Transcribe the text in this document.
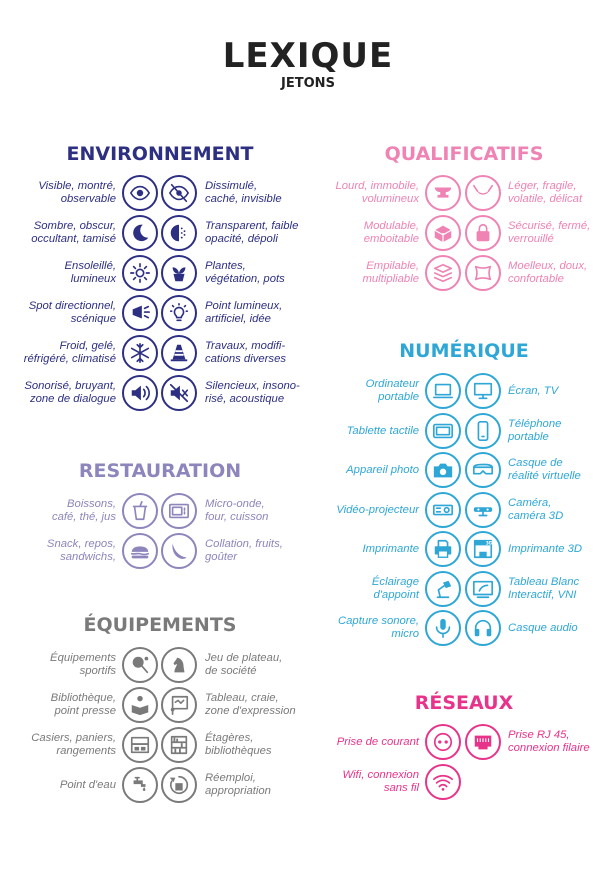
LEXIQUE
JETONS
ENVIRONNEMENT
Visible, montré,
observable
Dissimulé,
caché, invisible
Sombre, obscur,
occultant, tamisé
Transparent, faible
opacité, dépoli
Ensoleillé,
lumineux
Plantes,
végétation, pots
Spot directionnel,
scénique
Point lumineux,
artificiel, idée
Froid, gelé,
réfrigéré, climatisé
Travaux, modifi-
cations diverses
Sonorisé, bruyant,
zone de dialogue
Silencieux, insono-
risé, acoustique
RESTAURATION
Boissons,
café, thé, jus
Micro-onde,
four, cuisson
Snack, repos,
sandwichs,
Collation, fruits,
goûter
ÉQUIPEMENTS
Équipements
sportifs
Jeu de plateau,
de société
Bibliothèque,
point presse
Tableau, craie,
zone d'expression
Casiers, paniers,
rangements
Étagères,
bibliothèques
Point d'eau
Réemploi,
appropriation
QUALIFICATIFS
Lourd, immobile,
volumineux
Léger, fragile,
volatile, délicat
Modulable,
emboitable
Sécurisé, fermé,
verrouillé
Empilable,
multipliable
Moelleux, doux,
confortable
NUMÉRIQUE
Ordinateur
portable
Écran, TV
Tablette tactile
Téléphone
portable
Appareil photo
Casque de
réalité virtuelle
Vidéo-projecteur
Caméra,
caméra 3D
3D
Imprimante	Imprimante 3D
Éclairage
d'appoint
Tableau Blanc
Interactif, VNI
Capture sonore,
micro
Casque audio
RÉSEAUX
Prise de courant
Prise RJ 45,
connexion filaire
Wifi, connexion
sans fil
